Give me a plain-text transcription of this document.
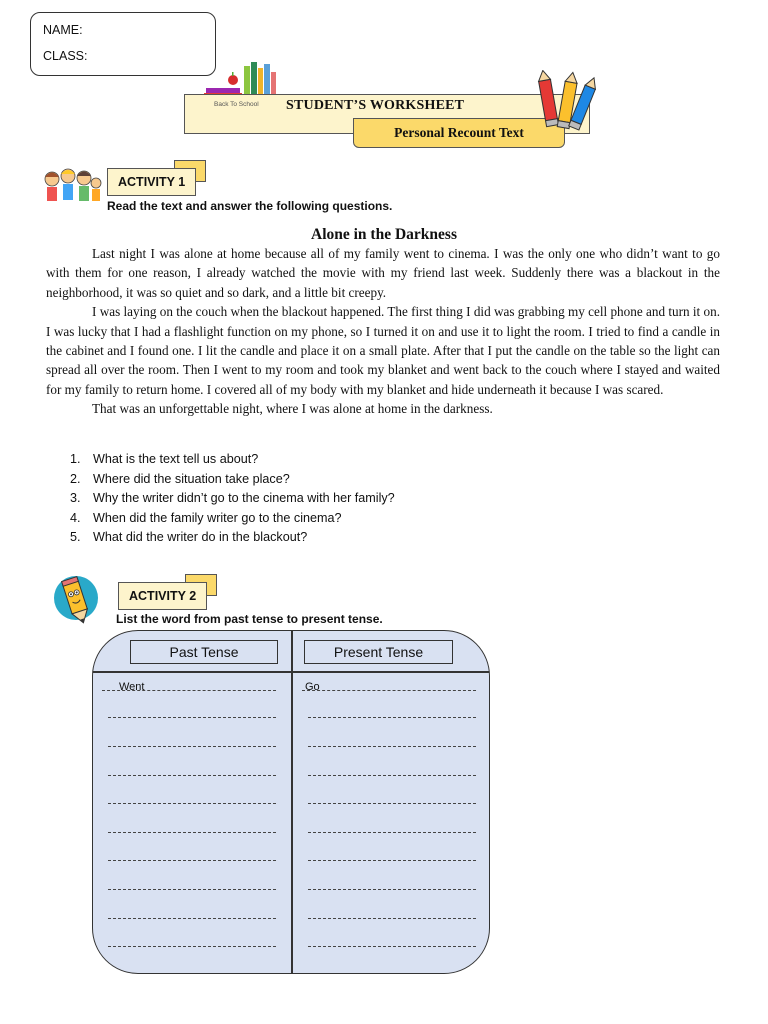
NAME:
CLASS:
Back To School STUDENT’S WORKSHEET
Personal Recount Text
ACTIVITY 1
Read the text and answer the following questions.
Alone in the Darkness

Last night I was alone at home because all of my family went to cinema. I was the only one who didn’t want to go with them for one reason, I already watched the movie with my friend last week. Suddenly there was a blackout in the neighborhood, it was so quiet and so dark, and a little bit creepy.

I was laying on the couch when the blackout happened. The first thing I did was grabbing my cell phone and turn it on. I was lucky that I had a flashlight function on my phone, so I turned it on and use it to light the room. I tried to find a candle in the cabinet and I found one. I lit the candle and place it on a small plate. After that I put the candle on the table so the light can spread all over the room. Then I went to my room and took my blanket and went back to the couch where I stayed and waited for my family to return home. I covered all of my body with my blanket and hide underneath it because I was scared.

That was an unforgettable night, where I was alone at home in the darkness.

1. What is the text tell us about?
2. Where did the situation take place?
3. Why the writer didn’t go to the cinema with her family?
4. When did the family writer go to the cinema?
5. What did the writer do in the blackout?
ACTIVITY 2
List the word from past tense to present tense.
Past Tense	Present Tense
Went	Go
